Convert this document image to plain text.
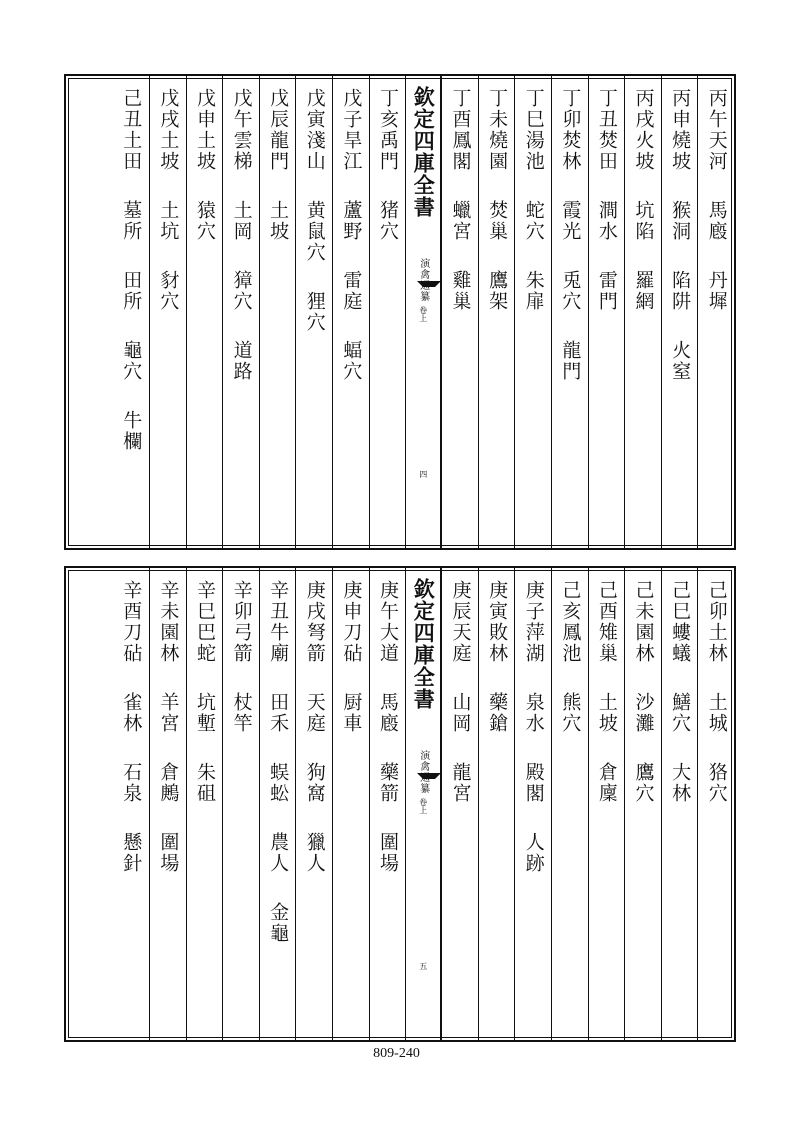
丙午天河
馬廏
丹墀
丙申燒坡
猴洞
陷阱
火窒
丙戌火坡
坑陷
羅網
丁丑焚田
澗水
雷門
丁卯焚林
霞光
兎穴
龍門
丁巳湯池
蛇穴
朱扉
丁未燒園
焚巢
鷹架
丁酉鳳閣
蠟宮
雞巢
欽定四庫全書
演禽通纂
卷上
四
丁亥禹門
猪穴
戊子旱江
蘆野
雷庭
蝠穴
戊寅淺山
黄鼠穴
狸穴
戊辰龍門
土坡
戊午雲梯
土岡
獐穴
道路
戊申土坡
猿穴
戊戌土坡
土坑
豺穴
己丑土田
墓所
田所
龜穴
牛欄
己卯土林
土城
狢穴
己巳螻蟻
鱔穴
大林
己未園林
沙灘
鷹穴
己酉雉巢
土坡
倉廩
己亥鳳池
熊穴
庚子萍湖
泉水
殿閣
人跡
庚寅敗林
藥鎗
庚辰天庭
山岡
龍宮
欽定四庫全書
演禽通纂
卷上
五
庚午大道
馬廏
藥箭
圍場
庚申刀砧
厨車
庚戌弩箭
天庭
狗窩
獵人
辛丑牛廟
田禾
蜈蚣
農人
金龜
辛卯弓箭
杖竿
辛巳巴蛇
坑塹
朱砠
辛未園林
羊宮
倉鶊
圍場
辛酉刀砧
雀林
石泉
懸針
809-240
